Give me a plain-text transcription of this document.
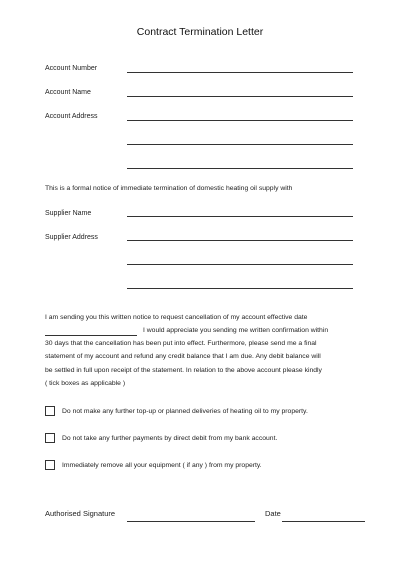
Contract Termination Letter
Account Number
Account Name
Account Address
This is a formal notice of immediate termination of domestic heating oil supply with
Supplier Name
Supplier Address
I am sending you this written notice to request cancellation of my account effective date
I would appreciate you sending me written confirmation within
30 days that the cancellation has been put into effect. Furthermore, please send me a final
statement of my account and refund any credit balance that I am due. Any debit balance will
be settled in full upon receipt of the statement. In relation to the above account please kindly
( tick boxes as applicable )
Do not make any further top-up or planned deliveries of heating oil to my property.
Do not take any further payments by direct debit from my bank account.
Immediately remove all your equipment ( if any ) from my property.
Authorised Signature	Date
